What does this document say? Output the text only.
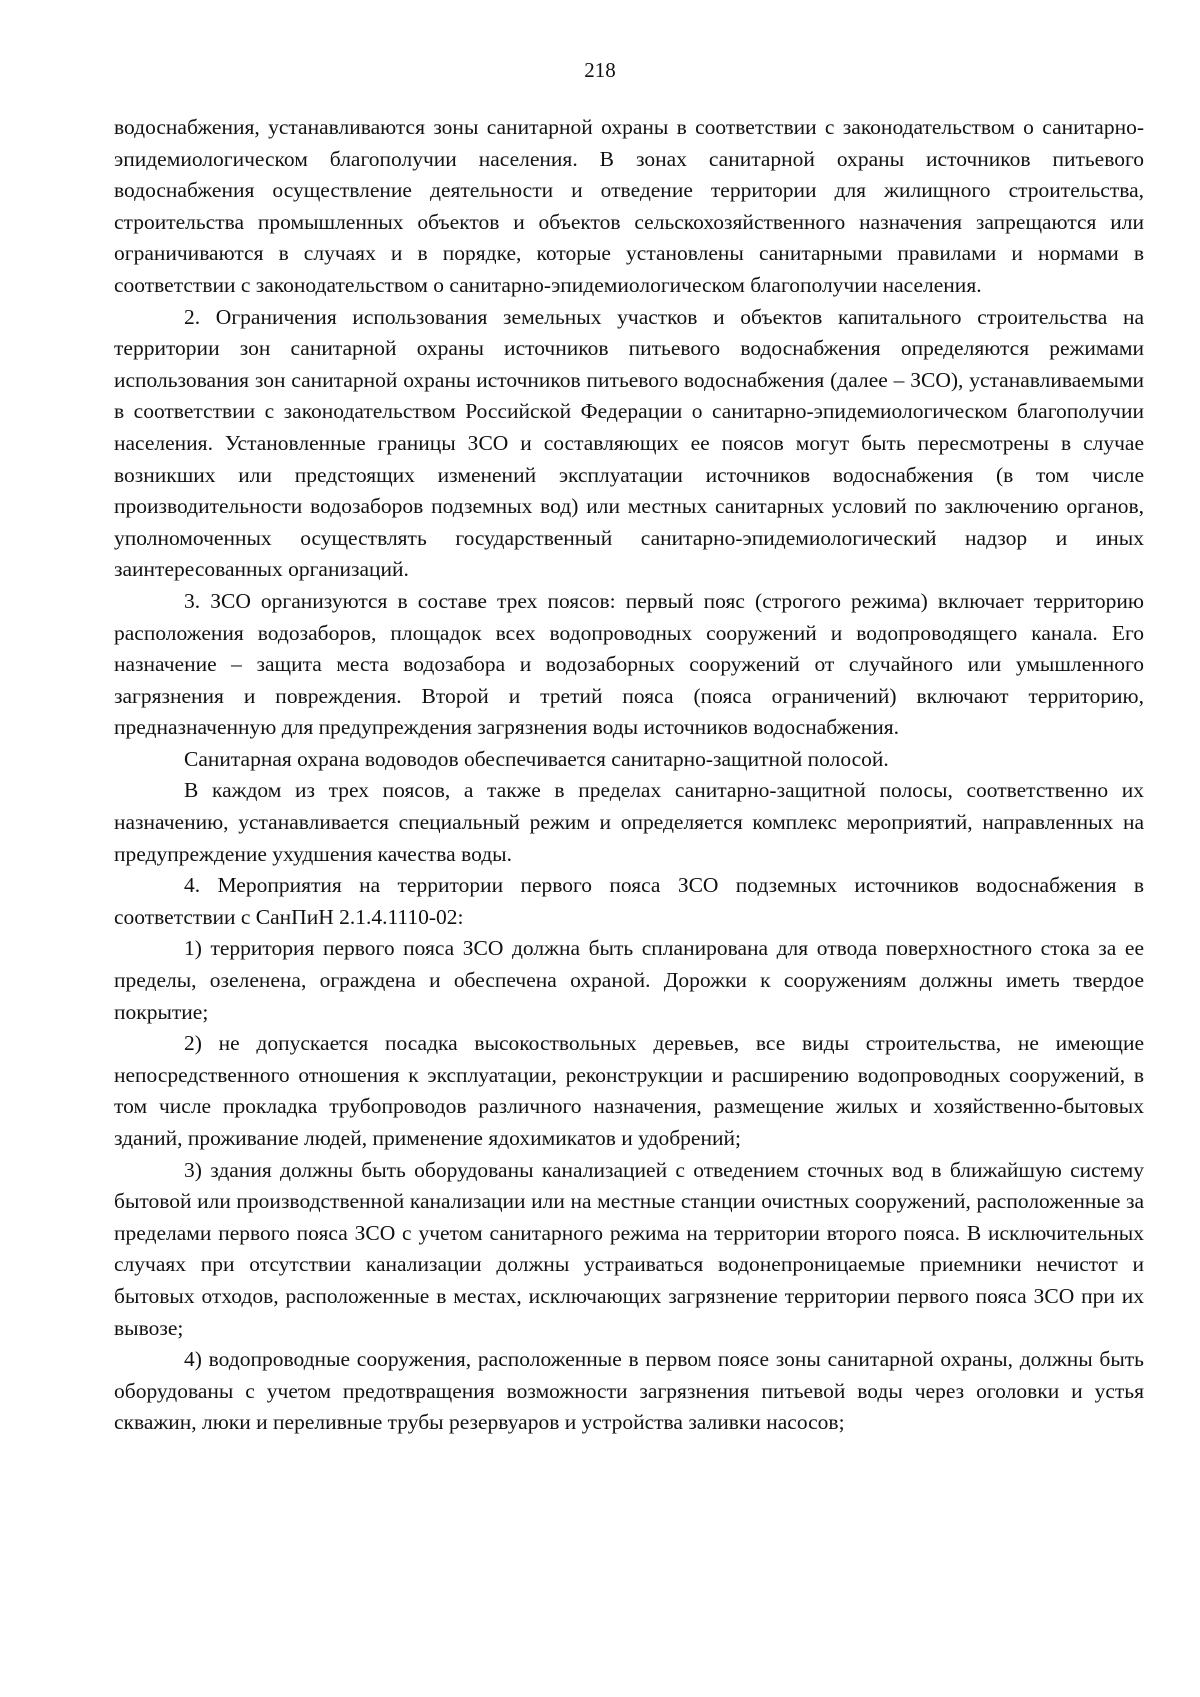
218

водоснабжения, устанавливаются зоны санитарной охраны в соответствии с законодательством о санитарно-эпидемиологическом благополучии населения. В зонах санитарной охраны источников питьевого водоснабжения осуществление деятельности и отведение территории для жилищного строительства, строительства промышленных объектов и объектов сельскохозяйственного назначения запрещаются или ограничиваются в случаях и в порядке, которые установлены санитарными правилами и нормами в соответствии с законодательством о санитарно-эпидемиологическом благополучии населения.

2. Ограничения использования земельных участков и объектов капитального строительства на территории зон санитарной охраны источников питьевого водоснабжения определяются режимами использования зон санитарной охраны источников питьевого водоснабжения (далее – ЗСО), устанавливаемыми в соответствии с законодательством Российской Федерации о санитарно-эпидемиологическом благополучии населения. Установленные границы ЗСО и составляющих ее поясов могут быть пересмотрены в случае возникших или предстоящих изменений эксплуатации источников водоснабжения (в том числе производительности водозаборов подземных вод) или местных санитарных условий по заключению органов, уполномоченных осуществлять государственный санитарно-эпидемиологический надзор и иных заинтересованных организаций.

3. ЗСО организуются в составе трех поясов: первый пояс (строгого режима) включает территорию расположения водозаборов, площадок всех водопроводных сооружений и водопроводящего канала. Его назначение – защита места водозабора и водозаборных сооружений от случайного или умышленного загрязнения и повреждения. Второй и третий пояса (пояса ограничений) включают территорию, предназначенную для предупреждения загрязнения воды источников водоснабжения.

Санитарная охрана водоводов обеспечивается санитарно-защитной полосой.

В каждом из трех поясов, а также в пределах санитарно-защитной полосы, соответственно их назначению, устанавливается специальный режим и определяется комплекс мероприятий, направленных на предупреждение ухудшения качества воды.

4. Мероприятия на территории первого пояса ЗСО подземных источников водоснабжения в соответствии с СанПиН 2.1.4.1110-02:

1) территория первого пояса ЗСО должна быть спланирована для отвода поверхностного стока за ее пределы, озеленена, ограждена и обеспечена охраной. Дорожки к сооружениям должны иметь твердое покрытие;

2) не допускается посадка высокоствольных деревьев, все виды строительства, не имеющие непосредственного отношения к эксплуатации, реконструкции и расширению водопроводных сооружений, в том числе прокладка трубопроводов различного назначения, размещение жилых и хозяйственно-бытовых зданий, проживание людей, применение ядохимикатов и удобрений;

3) здания должны быть оборудованы канализацией с отведением сточных вод в ближайшую систему бытовой или производственной канализации или на местные станции очистных сооружений, расположенные за пределами первого пояса ЗСО с учетом санитарного режима на территории второго пояса. В исключительных случаях при отсутствии канализации должны устраиваться водонепроницаемые приемники нечистот и бытовых отходов, расположенные в местах, исключающих загрязнение территории первого пояса ЗСО при их вывозе;

4) водопроводные сооружения, расположенные в первом поясе зоны санитарной охраны, должны быть оборудованы с учетом предотвращения возможности загрязнения питьевой воды через оголовки и устья скважин, люки и переливные трубы резервуаров и устройства заливки насосов;
